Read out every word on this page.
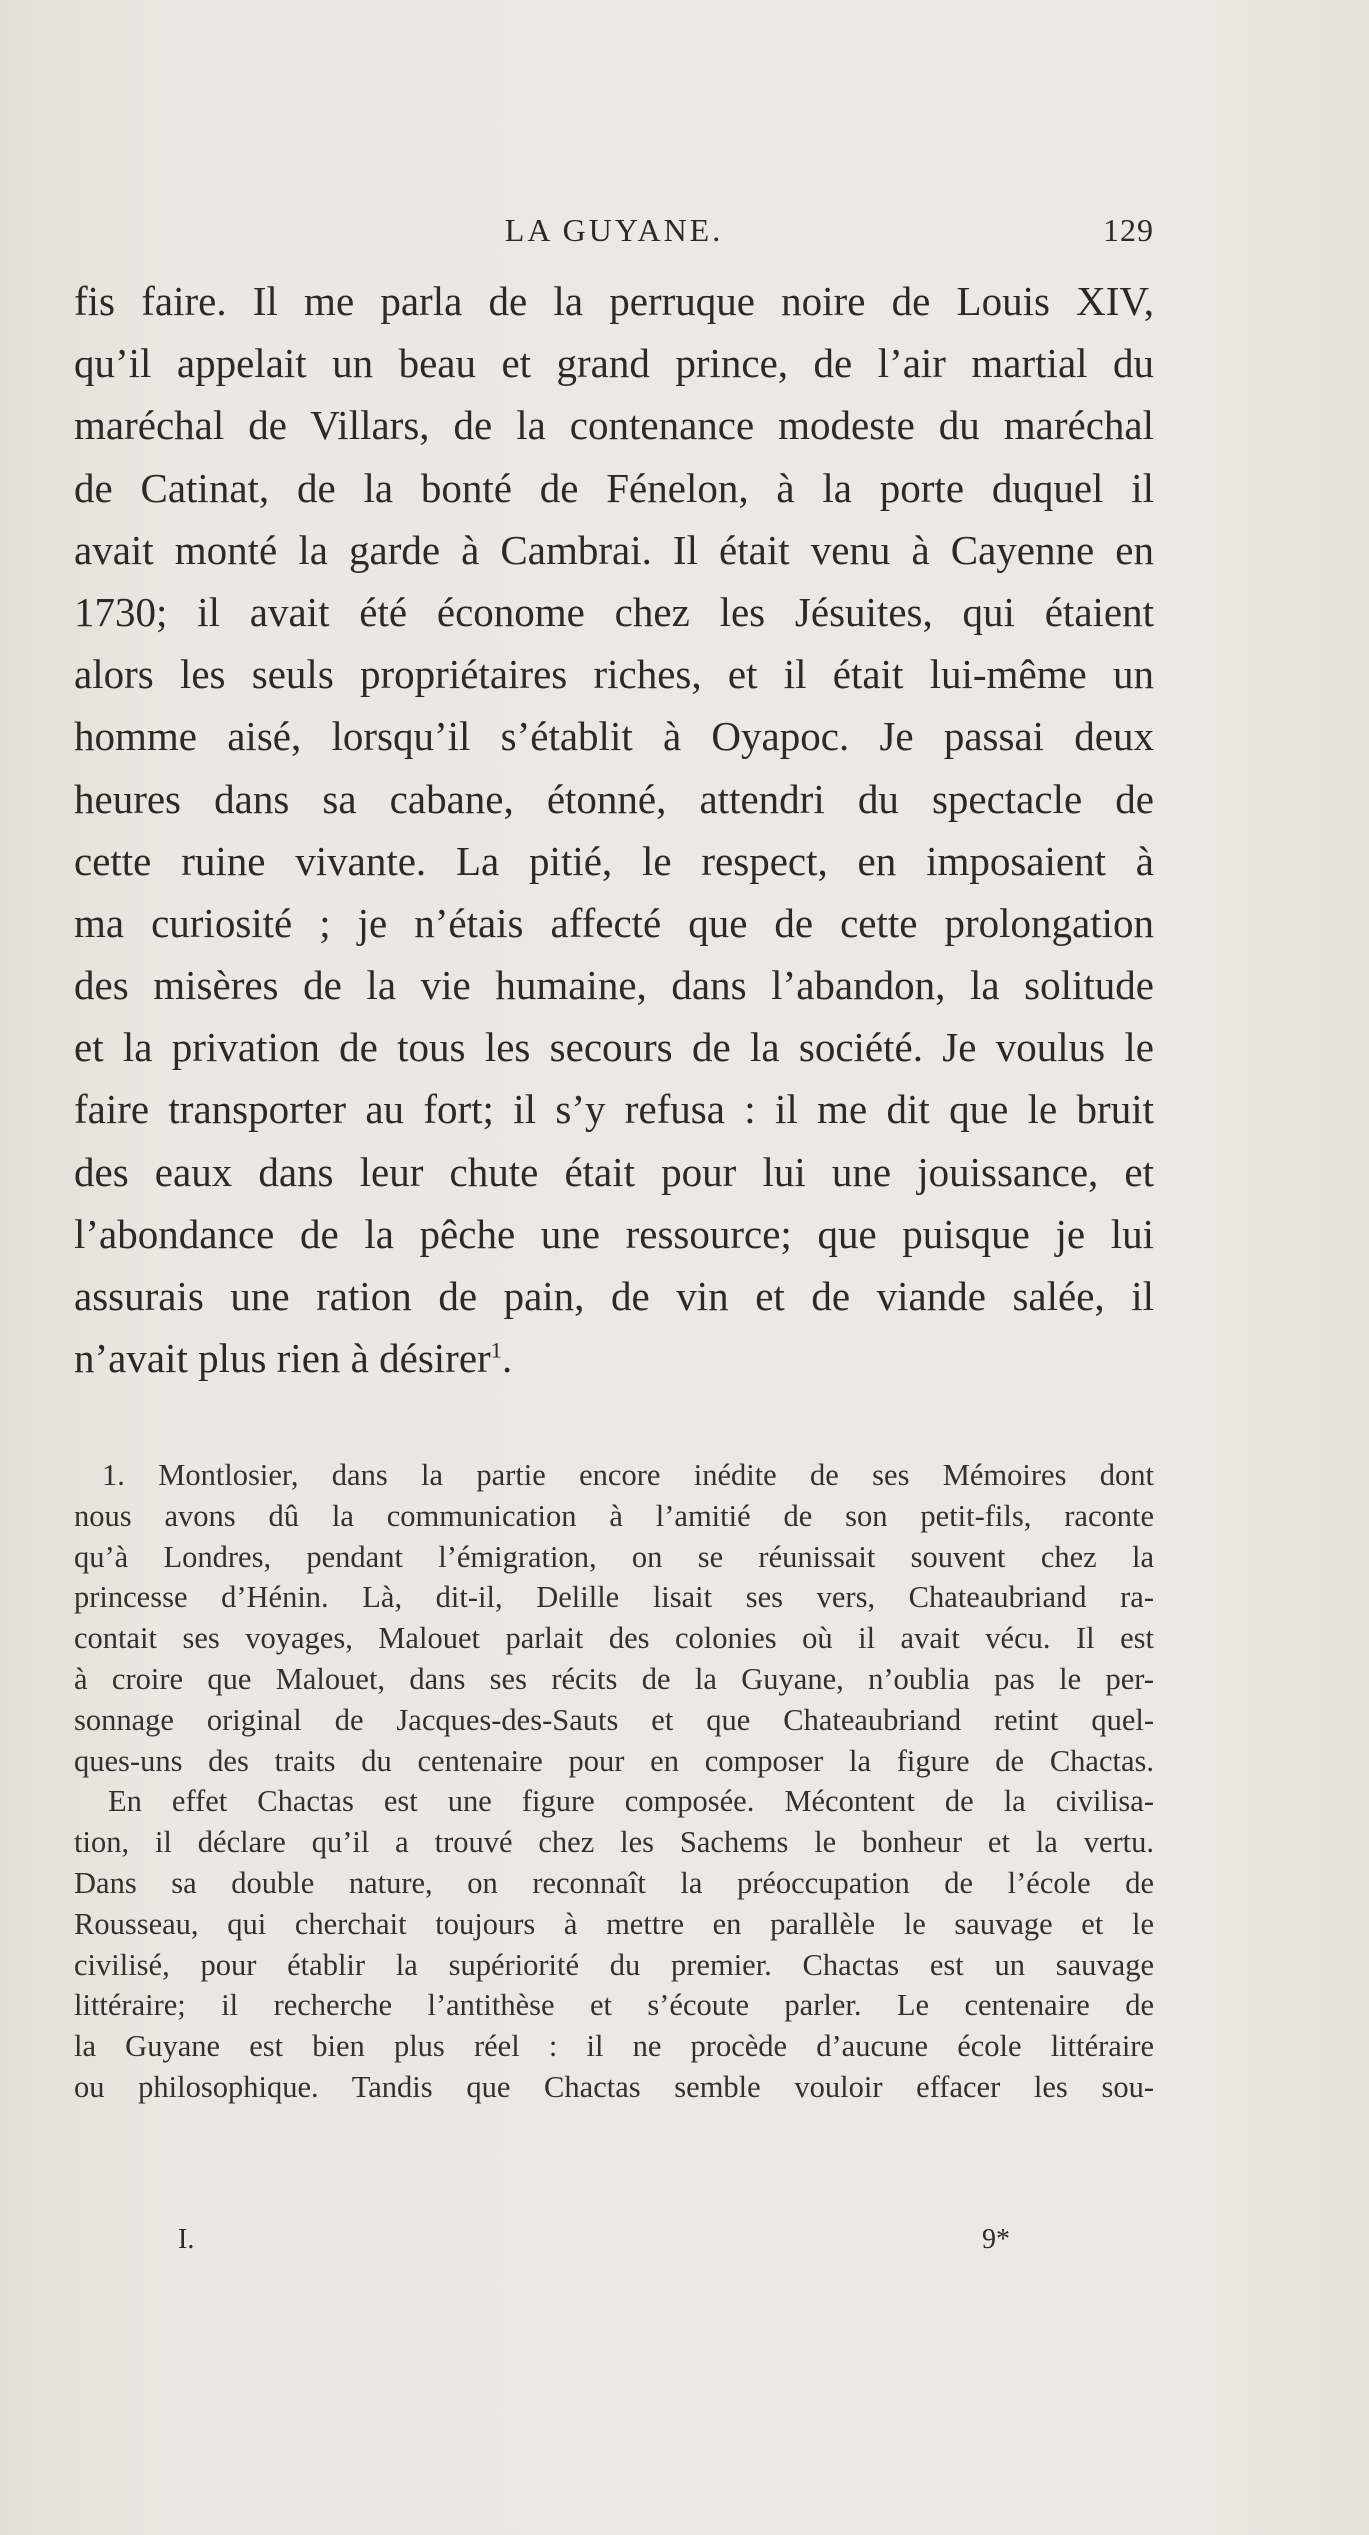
LA GUYANE.	129
fis faire. Il me parla de la perruque noire de Louis XIV,
qu’il appelait un beau et grand prince, de l’air martial du
maréchal de Villars, de la contenance modeste du maréchal
de Catinat, de la bonté de Fénelon, à la porte duquel il
avait monté la garde à Cambrai. Il était venu à Cayenne en
1730; il avait été économe chez les Jésuites, qui étaient
alors les seuls propriétaires riches, et il était lui-même un
homme aisé, lorsqu’il s’établit à Oyapoc. Je passai deux
heures dans sa cabane, étonné, attendri du spectacle de
cette ruine vivante. La pitié, le respect, en imposaient à
ma curiosité ; je n’étais affecté que de cette prolongation
des misères de la vie humaine, dans l’abandon, la solitude
et la privation de tous les secours de la société. Je voulus le
faire transporter au fort; il s’y refusa : il me dit que le bruit
des eaux dans leur chute était pour lui une jouissance, et
l’abondance de la pêche une ressource; que puisque je lui
assurais une ration de pain, de vin et de viande salée, il
n’avait plus rien à désirer$^1$.
1. Montlosier, dans la partie encore inédite de ses Mémoires dont
nous avons dû la communication à l’amitié de son petit-fils, raconte
qu’à Londres, pendant l’émigration, on se réunissait souvent chez la
princesse d’Hénin. Là, dit-il, Delille lisait ses vers, Chateaubriand ra-
contait ses voyages, Malouet parlait des colonies où il avait vécu. Il est
à croire que Malouet, dans ses récits de la Guyane, n’oublia pas le per-
sonnage original de Jacques-des-Sauts et que Chateaubriand retint quel-
ques-uns des traits du centenaire pour en composer la figure de Chactas.
En effet Chactas est une figure composée. Mécontent de la civilisa-
tion, il déclare qu’il a trouvé chez les Sachems le bonheur et la vertu.
Dans sa double nature, on reconnaît la préoccupation de l’école de
Rousseau, qui cherchait toujours à mettre en parallèle le sauvage et le
civilisé, pour établir la supériorité du premier. Chactas est un sauvage
littéraire; il recherche l’antithèse et s’écoute parler. Le centenaire de
la Guyane est bien plus réel : il ne procède d’aucune école littéraire
ou philosophique. Tandis que Chactas semble vouloir effacer les sou-
I.	9*
